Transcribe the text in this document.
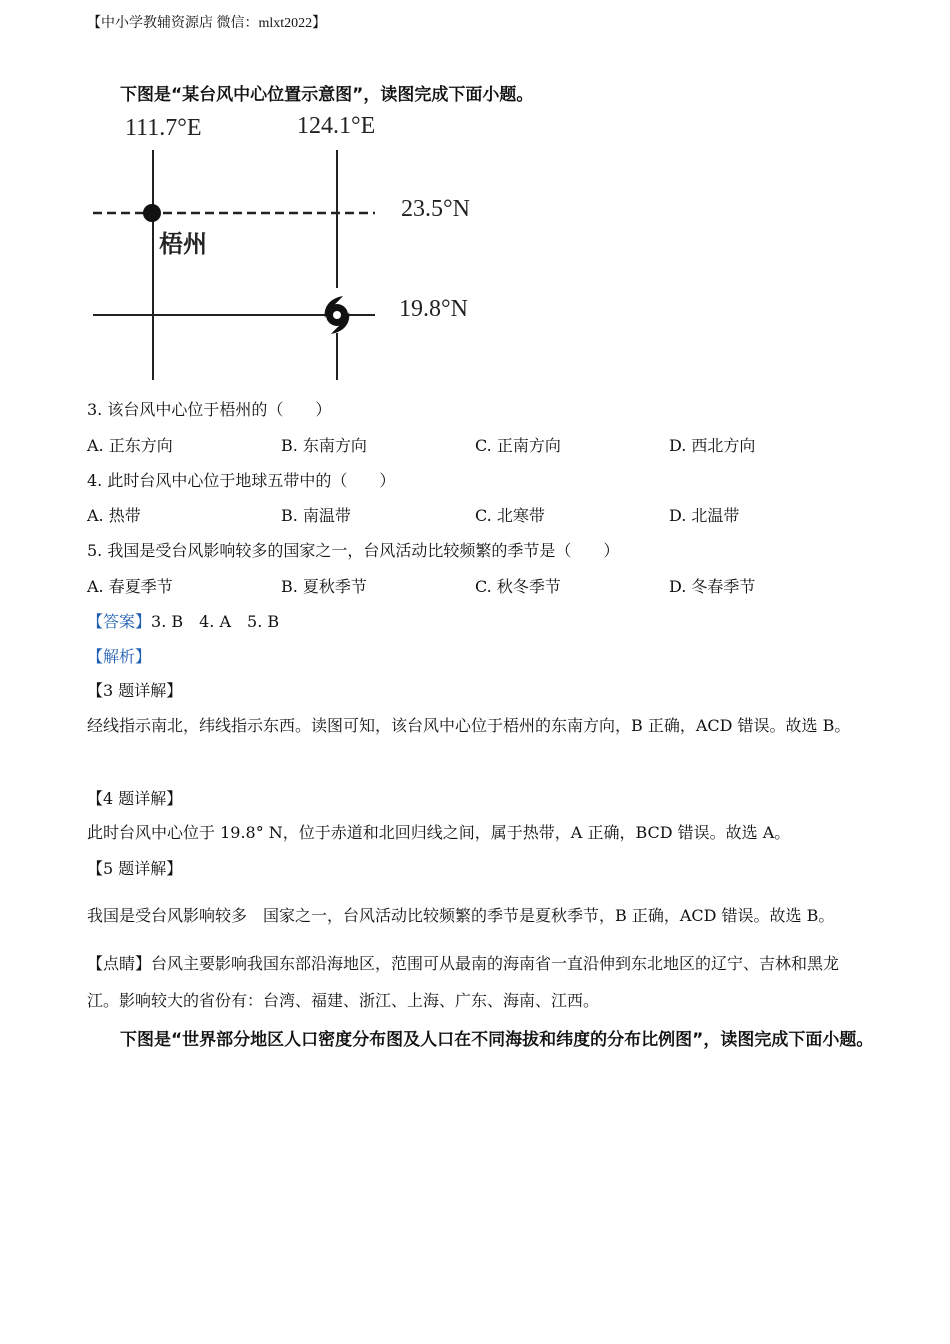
【中小学教辅资源店 微信：mlxt2022】
下图是“某台风中心位置示意图”，读图完成下面小题。
111.7°E	124.1°E
23.5°N
梧州
19.8°N
3. 该台风中心位于梧州的（　　）
A. 正东方向	B. 东南方向	C. 正南方向	D. 西北方向
4. 此时台风中心位于地球五带中的（　　）
A. 热带	B. 南温带	C. 北寒带	D. 北温带
5. 我国是受台风影响较多的国家之一，台风活动比较频繁的季节是（　　）
A. 春夏季节	B. 夏秋季节	C. 秋冬季节	D. 冬春季节
【答案】3. B　4. A　5. B
【解析】
【3 题详解】
经线指示南北，纬线指示东西。读图可知，该台风中心位于梧州的东南方向，B 正确，ACD 错误。故选 B。
【4 题详解】
此时台风中心位于 19.8° N，位于赤道和北回归线之间，属于热带，A 正确，BCD 错误。故选 A。
【5 题详解】
我国是受台风影响较多　国家之一，台风活动比较频繁的季节是夏秋季节，B 正确，ACD 错误。故选 B。
【点睛】台风主要影响我国东部沿海地区，范围可从最南的海南省一直沿伸到东北地区的辽宁、吉林和黑龙江。影响较大的省份有：台湾、福建、浙江、上海、广东、海南、江西。
下图是“世界部分地区人口密度分布图及人口在不同海拔和纬度的分布比例图”，读图完成下面小题。
